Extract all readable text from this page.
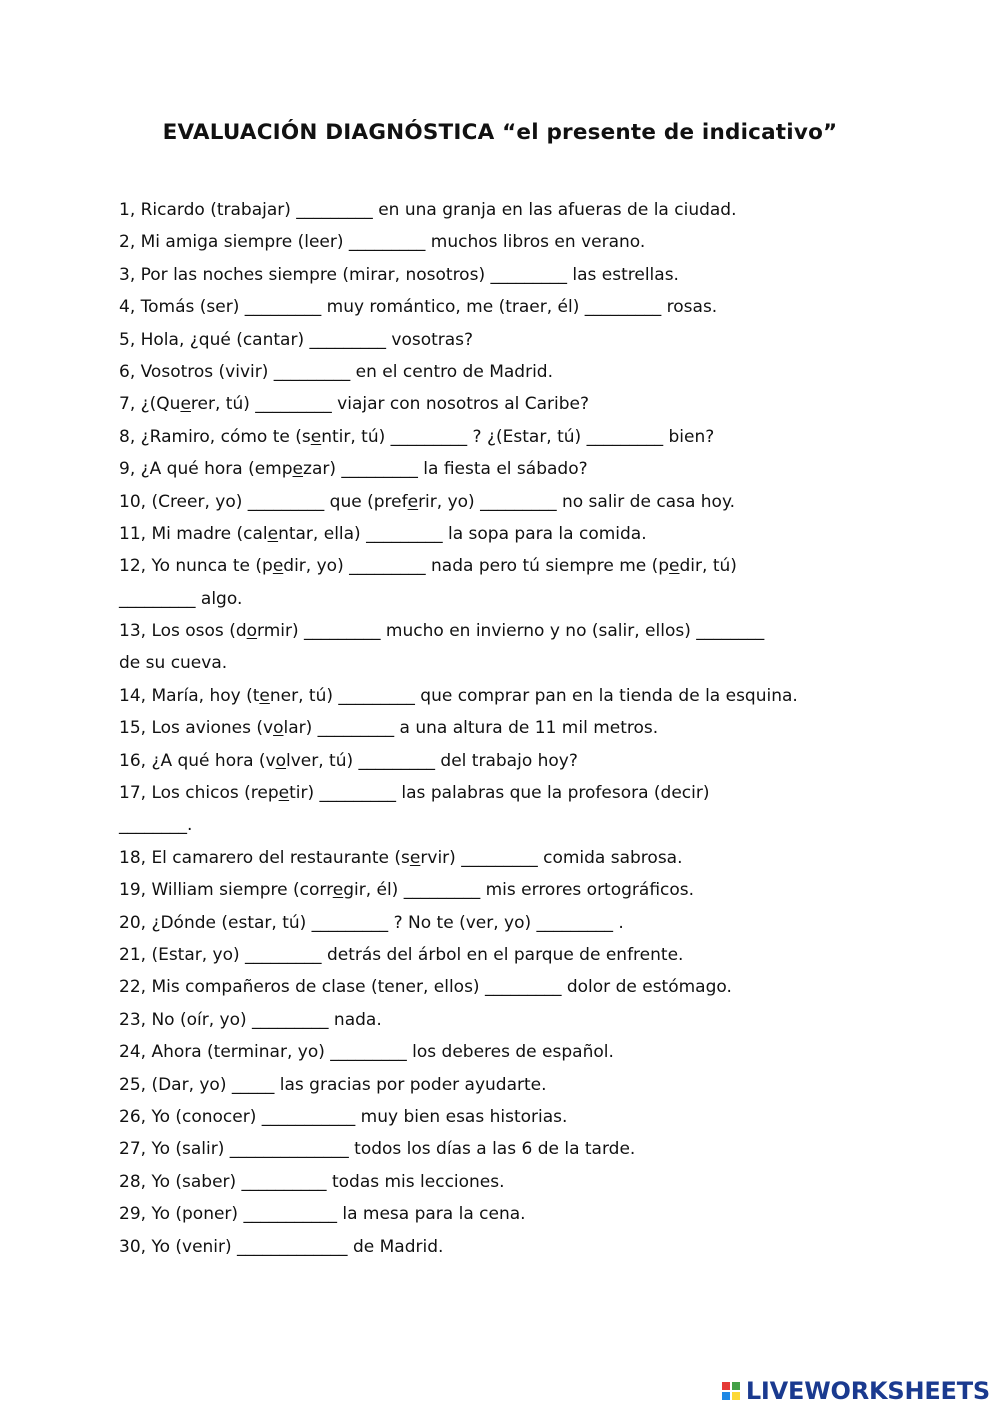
EVALUACIÓN DIAGNÓSTICA “el presente de indicativo”
1, Ricardo (trabajar) _________ en una granja en las afueras de la ciudad.
2, Mi amiga siempre (leer) _________ muchos libros en verano.
3, Por las noches siempre (mirar, nosotros) _________ las estrellas.
4, Tomás (ser) _________ muy romántico, me (traer, él) _________ rosas.
5, Hola, ¿qué (cantar) _________ vosotras?
6, Vosotros (vivir) _________ en el centro de Madrid.
7, ¿(Querer, tú) _________ viajar con nosotros al Caribe?
8, ¿Ramiro, cómo te (sentir, tú) _________ ? ¿(Estar, tú) _________ bien?
9, ¿A qué hora (empezar) _________ la fiesta el sábado?
10, (Creer, yo) _________ que (preferir, yo) _________ no salir de casa hoy.
11, Mi madre (calentar, ella) _________ la sopa para la comida.
12, Yo nunca te (pedir, yo) _________ nada pero tú siempre me (pedir, tú)
_________ algo.
13, Los osos (dormir) _________ mucho en invierno y no (salir, ellos) ________
de su cueva.
14, María, hoy (tener, tú) _________ que comprar pan en la tienda de la esquina.
15, Los aviones (volar) _________ a una altura de 11 mil metros.
16, ¿A qué hora (volver, tú) _________ del trabajo hoy?
17, Los chicos (repetir) _________ las palabras que la profesora (decir)
________.
18, El camarero del restaurante (servir) _________ comida sabrosa.
19, William siempre (corregir, él) _________ mis errores ortográficos.
20, ¿Dónde (estar, tú) _________ ? No te (ver, yo) _________ .
21, (Estar, yo) _________ detrás del árbol en el parque de enfrente.
22, Mis compañeros de clase (tener, ellos) _________ dolor de estómago.
23, No (oír, yo) _________ nada.
24, Ahora (terminar, yo) _________ los deberes de español.
25, (Dar, yo) _____ las gracias por poder ayudarte.
26, Yo (conocer) ___________ muy bien esas historias.
27, Yo (salir) ______________ todos los días a las 6 de la tarde.
28, Yo (saber) __________ todas mis lecciones.
29, Yo (poner) ___________ la mesa para la cena.
30, Yo (venir) _____________ de Madrid.
LIVEWORKSHEETS
